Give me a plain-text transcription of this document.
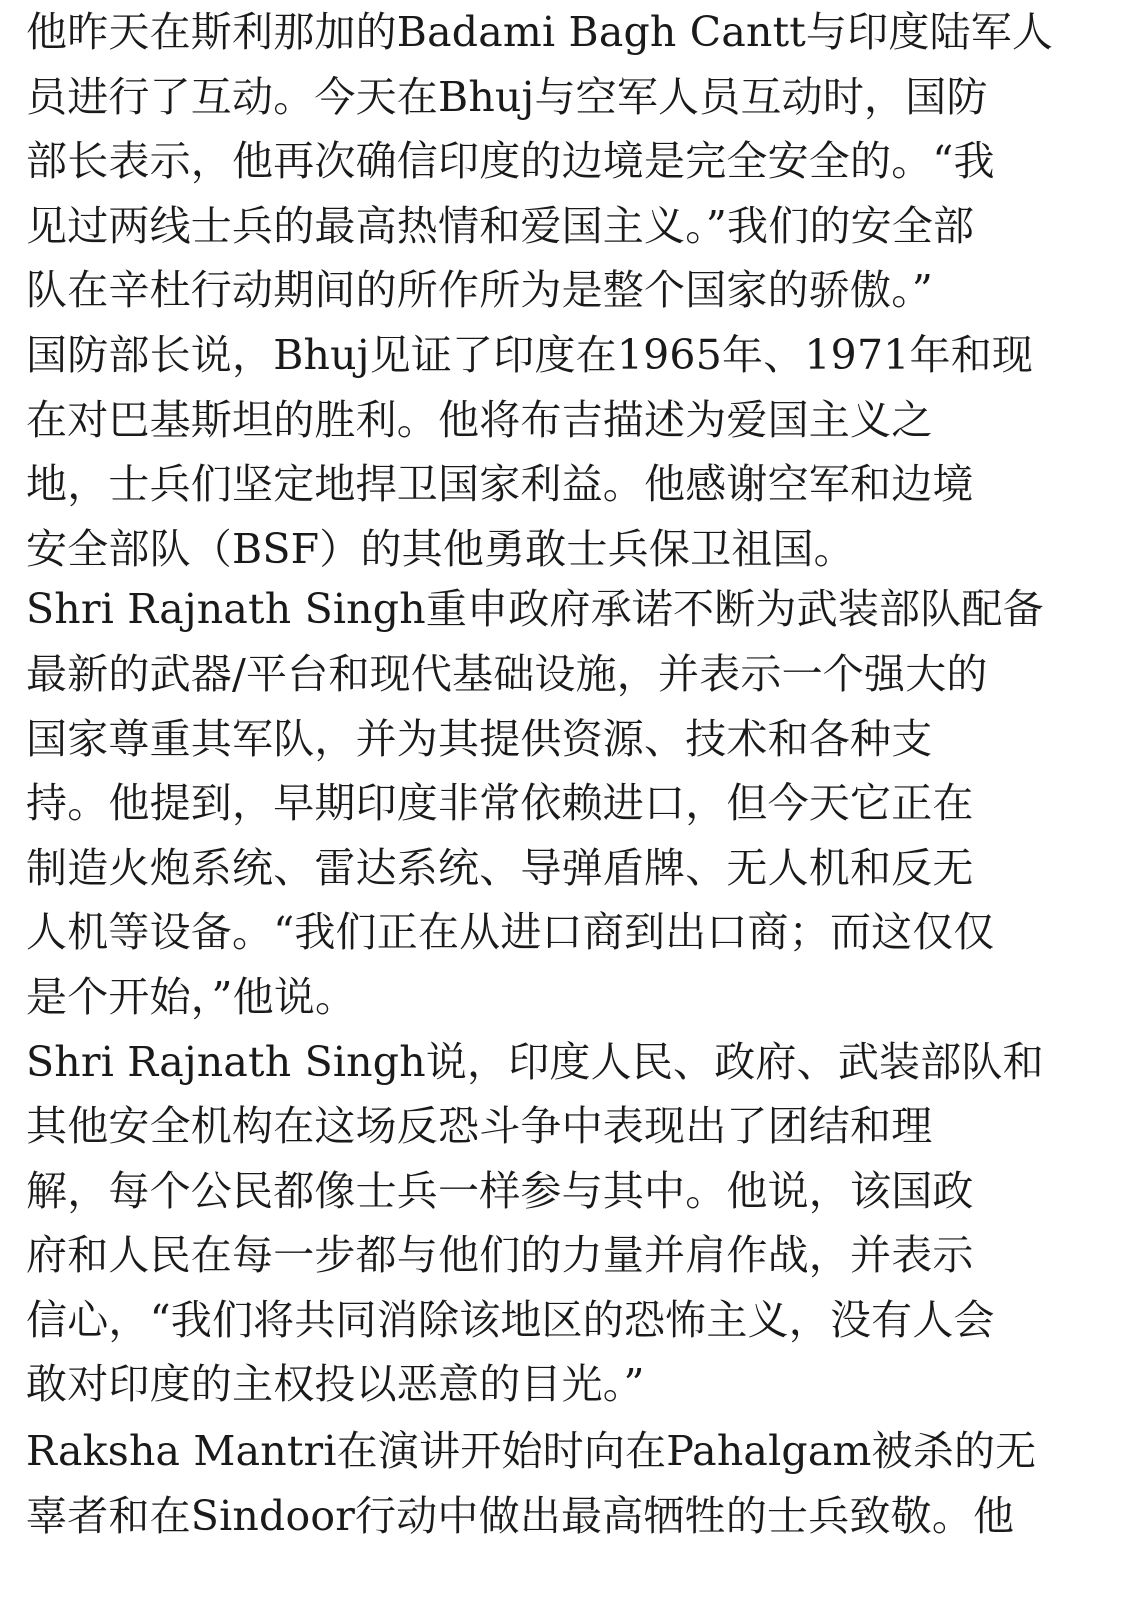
他昨天在斯利那加的Badami Bagh Cantt与印度陆军人
员进行了互动。今天在Bhuj与空军人员互动时，国防
部长表示，他再次确信印度的边境是完全安全的。“我
见过两线士兵的最高热情和爱国主义。”我们的安全部
队在辛杜行动期间的所作所为是整个国家的骄傲。”
国防部长说，Bhuj见证了印度在1965年、1971年和现
在对巴基斯坦的胜利。他将布吉描述为爱国主义之
地，士兵们坚定地捍卫国家利益。他感谢空军和边境
安全部队（BSF）的其他勇敢士兵保卫祖国。
Shri Rajnath Singh重申政府承诺不断为武装部队配备
最新的武器/平台和现代基础设施，并表示一个强大的
国家尊重其军队，并为其提供资源、技术和各种支
持。他提到，早期印度非常依赖进口，但今天它正在
制造火炮系统、雷达系统、导弹盾牌、无人机和反无
人机等设备。“我们正在从进口商到出口商；而这仅仅
是个开始，”他说。
Shri Rajnath Singh说，印度人民、政府、武装部队和
其他安全机构在这场反恐斗争中表现出了团结和理
解，每个公民都像士兵一样参与其中。他说，该国政
府和人民在每一步都与他们的力量并肩作战，并表示
信心，“我们将共同消除该地区的恐怖主义，没有人会
敢对印度的主权投以恶意的目光。”
Raksha Mantri在演讲开始时向在Pahalgam被杀的无
辜者和在Sindoor行动中做出最高牺牲的士兵致敬。他
